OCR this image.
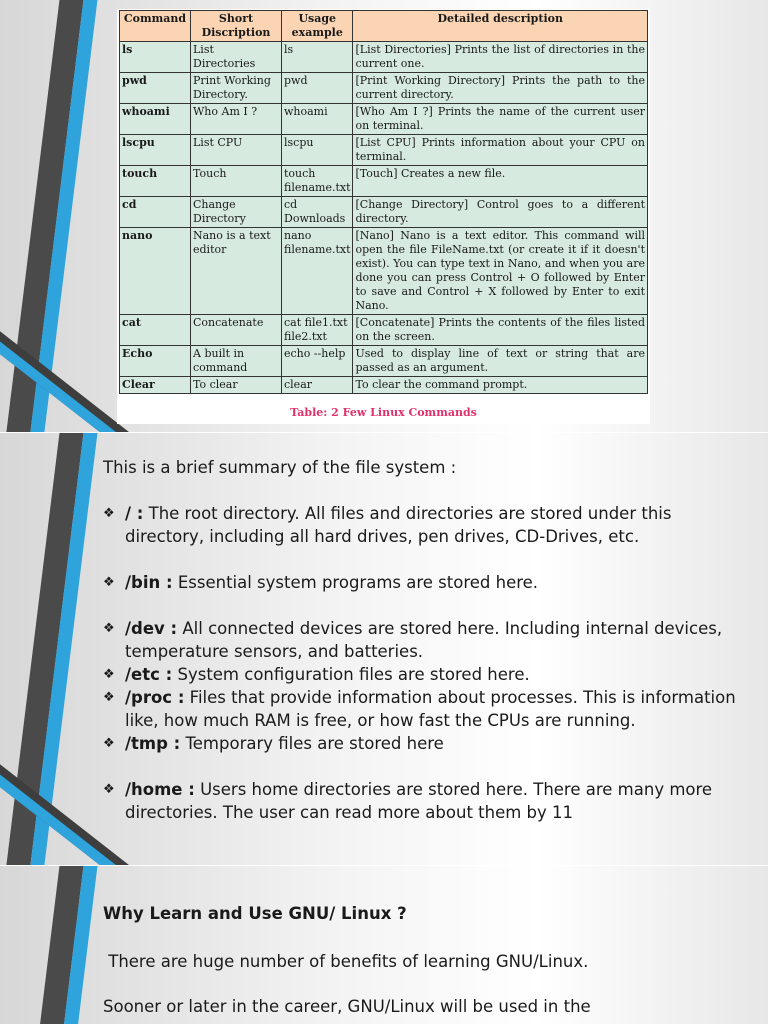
Command	Short Discription	Usage example	Detailed description
ls	List Directories	ls	[List Directories] Prints the list of directories in the current one.
pwd	Print Working Directory.	pwd	[Print Working Directory] Prints the path to the current directory.
whoami	Who Am I ?	whoami	[Who Am I ?] Prints the name of the current user on terminal.
lscpu	List CPU	lscpu	[List CPU] Prints information about your CPU on terminal.
touch	Touch	touch filename.txt	[Touch] Creates a new file.
cd	Change Directory	cd Downloads	[Change Directory] Control goes to a different directory.
nano	Nano is a text editor	nano filename.txt	[Nano] Nano is a text editor. This command will open the file FileName.txt (or create it if it doesn't exist). You can type text in Nano, and when you are done you can press Control + O followed by Enter to save and Control + X followed by Enter to exit Nano.
cat	Concatenate	cat file1.txt file2.txt	[Concatenate] Prints the contents of the files listed on the screen.
Echo	A built in command	echo --help	Used to display line of text or string that are passed as an argument.
Clear	To clear	clear	To clear the command prompt.
Table: 2 Few Linux Commands

This is a brief summary of the file system :

❖ / : The root directory. All files and directories are stored under this directory, including all hard drives, pen drives, CD-Drives, etc.
❖ /bin : Essential system programs are stored here.
❖ /dev : All connected devices are stored here. Including internal devices, temperature sensors, and batteries.
❖ /etc : System configuration files are stored here.
❖ /proc : Files that provide information about processes. This is information like, how much RAM is free, or how fast the CPUs are running.
❖ /tmp : Temporary files are stored here
❖ /home : Users home directories are stored here. There are many more directories. The user can read more about them by 11
Why Learn and Use GNU/ Linux ?
There are huge number of benefits of learning GNU/Linux.
Sooner or later in the career, GNU/Linux will be used in the
